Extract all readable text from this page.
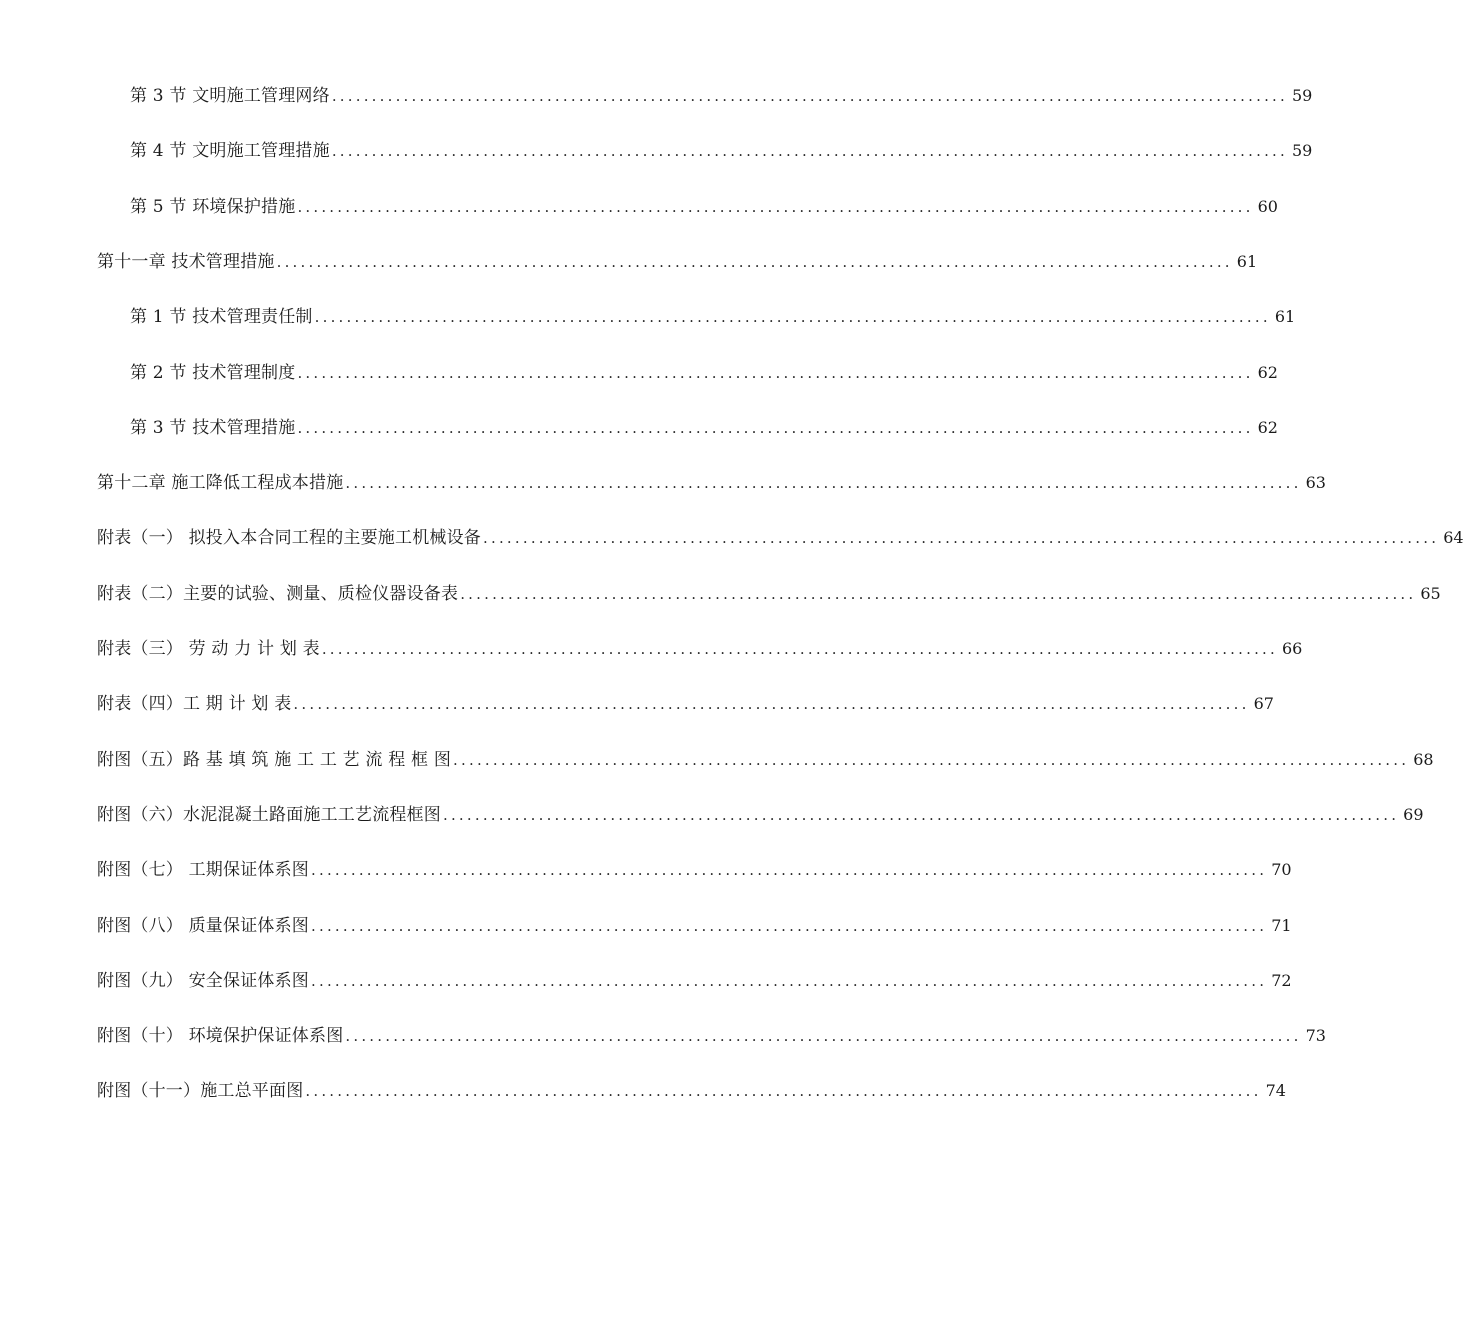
第 3 节 文明施工管理网络 ........................................................................................................................ 59
第 4 节 文明施工管理措施 ........................................................................................................................ 59
第 5 节 环境保护措施 ........................................................................................................................ 60
第十一章 技术管理措施 ........................................................................................................................ 61
第 1 节 技术管理责任制 ........................................................................................................................ 61
第 2 节 技术管理制度 ........................................................................................................................ 62
第 3 节 技术管理措施 ........................................................................................................................ 62
第十二章 施工降低工程成本措施 ........................................................................................................................ 63
附表（一） 拟投入本合同工程的主要施工机械设备 ........................................................................................................................ 64
附表（二）主要的试验、测量、质检仪器设备表 ........................................................................................................................ 65
附表（三） 劳 动 力 计 划 表 ........................................................................................................................ 66
附表（四）工 期 计 划 表 ........................................................................................................................ 67
附图（五）路 基 填 筑 施 工 工 艺 流 程 框 图 ........................................................................................................................ 68
附图（六）水泥混凝土路面施工工艺流程框图 ........................................................................................................................ 69
附图（七） 工期保证体系图 ........................................................................................................................ 70
附图（八） 质量保证体系图 ........................................................................................................................ 71
附图（九） 安全保证体系图 ........................................................................................................................ 72
附图（十） 环境保护保证体系图 ........................................................................................................................ 73
附图（十一）施工总平面图 ........................................................................................................................ 74
